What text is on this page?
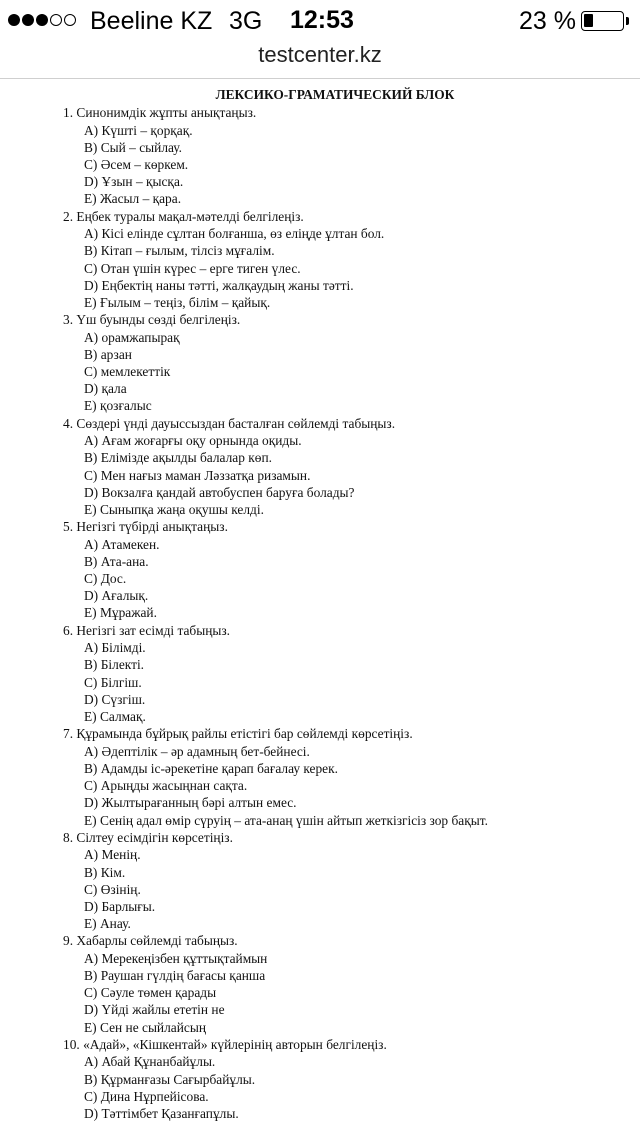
Beeline KZ 3G 12:53	23 %
testcenter.kz
ЛЕКСИКО-ГРАМАТИЧЕСКИЙ БЛОК
1. Синонимдік жұпты анықтаңыз.
A) Күшті – қорқақ.
B) Сый – сыйлау.
C) Әсем – көркем.
D) Ұзын – қысқа.
E) Жасыл – қара.
2. Еңбек туралы мақал-мәтелді белгілеңіз.
A) Кісі елінде сұлтан болғанша, өз еліңде ұлтан бол.
B) Кітап – ғылым, тілсіз мұғалім.
C) Отан үшін күрес – ерге тиген үлес.
D) Еңбектің наны тәтті, жалқаудың жаны тәтті.
E) Ғылым – теңіз, білім – қайық.
3. Үш буынды сөзді белгілеңіз.
A) орамжапырақ
B) арзан
C) мемлекеттік
D) қала
E) қозғалыс
4. Сөздері үнді дауыссыздан басталған сөйлемді табыңыз.
A) Ағам жоғарғы оқу орнында оқиды.
B) Елімізде ақылды балалар көп.
C) Мен нағыз маман Ләззатқа ризамын.
D) Вокзалға қандай автобуспен баруға болады?
E) Сыныпқа жаңа оқушы келді.
5. Негізгі түбірді анықтаңыз.
A) Атамекен.
B) Ата-ана.
C) Дос.
D) Ағалық.
E) Мұражай.
6. Негізгі зат есімді табыңыз.
A) Білімді.
B) Білекті.
C) Білгіш.
D) Сүзгіш.
E) Салмақ.
7. Құрамында бұйрық райлы етістігі бар сөйлемді көрсетіңіз.
A) Әдептілік – әр адамның бет-бейнесі.
B) Адамды іс-әрекетіне қарап бағалау керек.
C) Арыңды жасыңнан сақта.
D) Жылтырағанның бәрі алтын емес.
E) Сенің адал өмір сүруің – ата-анаң үшін айтып жеткізгісіз зор бақыт.
8. Сілтеу есімдігін көрсетіңіз.
A) Менің.
B) Кім.
C) Өзінің.
D) Барлығы.
E) Анау.
9. Хабарлы сөйлемді табыңыз.
A) Мерекеңізбен құттықтаймын
B) Раушан гүлдің бағасы қанша
C) Сәуле төмен қарады
D) Үйді жайлы ететін не
E) Сен не сыйлайсың
10. «Адай», «Кішкентай» күйлерінің авторын белгілеңіз.
A) Абай Құнанбайұлы.
B) Құрманғазы Сағырбайұлы.
C) Дина Нұрпейісова.
D) Тәттімбет Қазанғапұлы.
